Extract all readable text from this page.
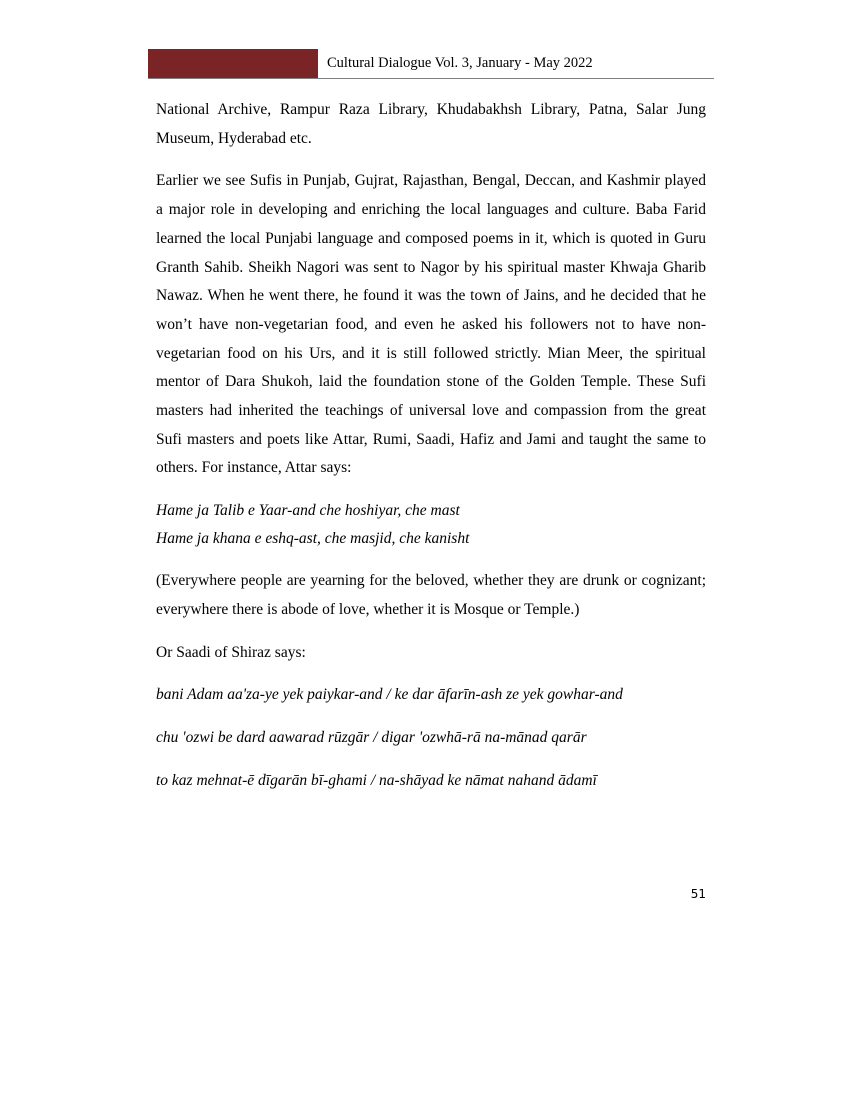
Cultural Dialogue Vol. 3, January - May 2022

National Archive, Rampur Raza Library, Khudabakhsh Library, Patna, Salar Jung Museum, Hyderabad etc.

Earlier we see Sufis in Punjab, Gujrat, Rajasthan, Bengal, Deccan, and Kashmir played a major role in developing and enriching the local languages and culture. Baba Farid learned the local Punjabi language and composed poems in it, which is quoted in Guru Granth Sahib. Sheikh Nagori was sent to Nagor by his spiritual master Khwaja Gharib Nawaz. When he went there, he found it was the town of Jains, and he decided that he won’t have non-vegetarian food, and even he asked his followers not to have non-vegetarian food on his Urs, and it is still followed strictly. Mian Meer, the spiritual mentor of Dara Shukoh, laid the foundation stone of the Golden Temple. These Sufi masters had inherited the teachings of universal love and compassion from the great Sufi masters and poets like Attar, Rumi, Saadi, Hafiz and Jami and taught the same to others. For instance, Attar says:

Hame ja Talib e Yaar-and che hoshiyar, che mast

Hame ja khana e eshq-ast, che masjid, che kanisht

(Everywhere people are yearning for the beloved, whether they are drunk or cognizant; everywhere there is abode of love, whether it is Mosque or Temple.)

Or Saadi of Shiraz says:

bani Adam aa'za-ye yek paiykar-and / ke dar āfarīn-ash ze yek gowhar-and

chu 'ozwi be dard aawarad rūzgār / digar 'ozwhā-rā na-mānad qarār

to kaz mehnat-ē dīgarān bī-ghami / na-shāyad ke nāmat nahand ādamī

51
